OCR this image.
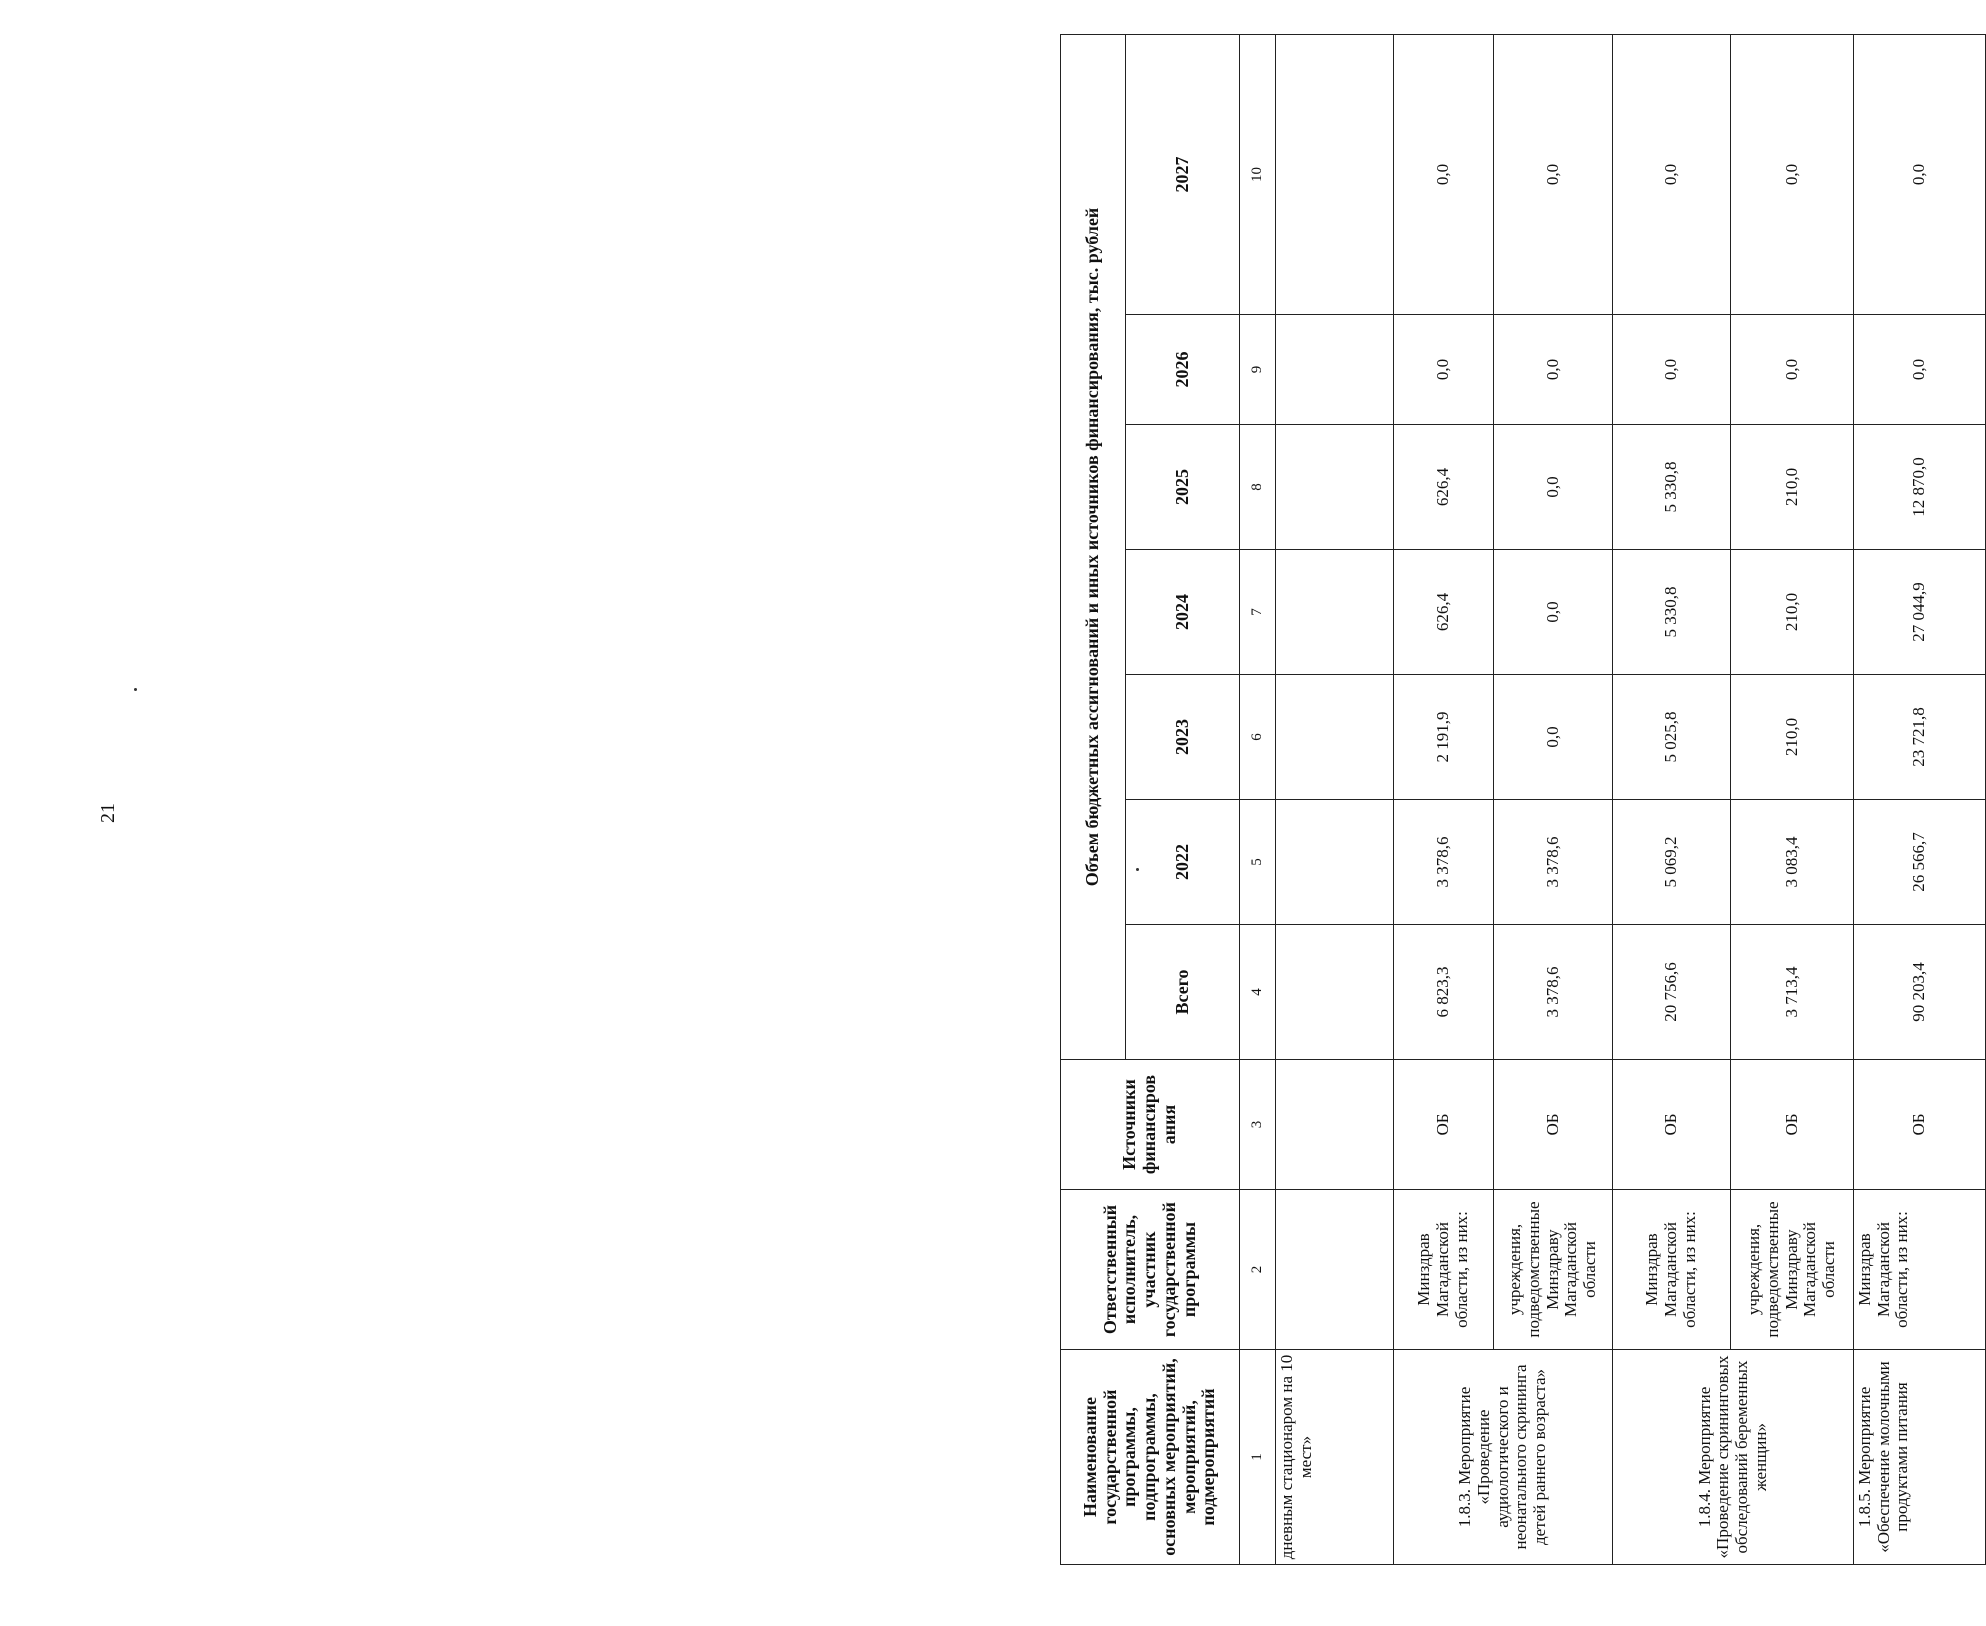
21
Наименование государственной программы, подпрограммы, основных мероприятий, мероприятий, подмероприятий	Ответственный исполнитель, участник государственной программы	Источники финансиров ания	Объем бюджетных ассигнований и иных источников финансирования, тыс. рублей						
			Всего	2022	2023	2024	2025	2026	2027
1	2	3	4	5	6	7	8	9	10
дневным стационаром на 10 мест»									
1.8.3. Мероприятие «Проведение аудиологического и неонатального скрининга детей раннего возраста»	Минздрав Магаданской области, из них:	ОБ	6 823,3	3 378,6	2 191,9	626,4	626,4	0,0	0,0
	учреждения, подведомственные Минздраву Магаданской области	ОБ	3 378,6	3 378,6	0,0	0,0	0,0	0,0	0,0
1.8.4. Мероприятие «Проведение скрининговых обследований беременных женщин»	Минздрав Магаданской области, из них:	ОБ	20 756,6	5 069,2	5 025,8	5 330,8	5 330,8	0,0	0,0
	учреждения, подведомственные Минздраву Магаданской области	ОБ	3 713,4	3 083,4	210,0	210,0	210,0	0,0	0,0
1.8.5. Мероприятие «Обеспечение молочными продуктами питания	Минздрав Магаданской области, из них:	ОБ	90 203,4	26 566,7	23 721,8	27 044,9	12 870,0	0,0	0,0
